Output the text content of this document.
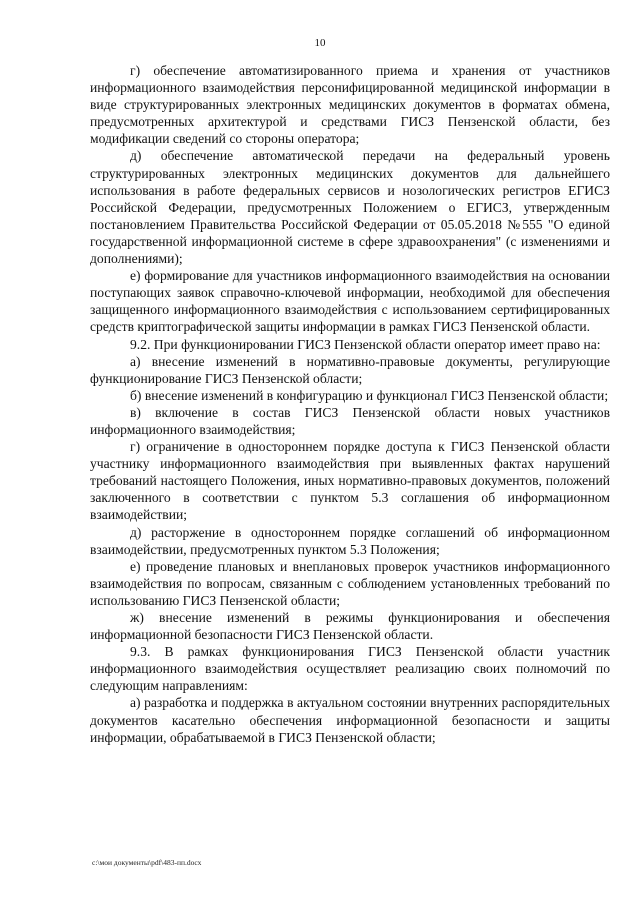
10

г) обеспечение автоматизированного приема и хранения от участников информационного взаимодействия персонифицированной медицинской информации в виде структурированных электронных медицинских документов в форматах обмена, предусмотренных архитектурой и средствами ГИСЗ Пензенской области, без модификации сведений со стороны оператора;

д) обеспечение автоматической передачи на федеральный уровень структурированных электронных медицинских документов для дальнейшего использования в работе федеральных сервисов и нозологических регистров ЕГИСЗ Российской Федерации, предусмотренных Положением о ЕГИСЗ, утвержденным постановлением Правительства Российской Федерации от 05.05.2018 №555 "О единой государственной информационной системе в сфере здравоохранения" (с изменениями и дополнениями);

е) формирование для участников информационного взаимодействия на основании поступающих заявок справочно-ключевой информации, необходимой для обеспечения защищенного информационного взаимодействия с использованием сертифицированных средств криптографической защиты информации в рамках ГИСЗ Пензенской области.

9.2. При функционировании ГИСЗ Пензенской области оператор имеет право на:

а) внесение изменений в нормативно-правовые документы, регулирующие функционирование ГИСЗ Пензенской области;

б) внесение изменений в конфигурацию и функционал ГИСЗ Пензенской области;

в) включение в состав ГИСЗ Пензенской области новых участников информационного взаимодействия;

г) ограничение в одностороннем порядке доступа к ГИСЗ Пензенской области участнику информационного взаимодействия при выявленных фактах нарушений требований настоящего Положения, иных нормативно-правовых документов, положений заключенного в соответствии с пунктом 5.3 соглашения об информационном взаимодействии;

д) расторжение в одностороннем порядке соглашений об информационном взаимодействии, предусмотренных пунктом 5.3 Положения;

е) проведение плановых и внеплановых проверок участников информационного взаимодействия по вопросам, связанным с соблюдением установленных требований по использованию ГИСЗ Пензенской области;

ж) внесение изменений в режимы функционирования и обеспечения информационной безопасности ГИСЗ Пензенской области.

9.3. В рамках функционирования ГИСЗ Пензенской области участник информационного взаимодействия осуществляет реализацию своих полномочий по следующим направлениям:

а) разработка и поддержка в актуальном состоянии внутренних распорядительных документов касательно обеспечения информационной безопасности и защиты информации, обрабатываемой в ГИСЗ Пензенской области;

c:\мои документы\pdf\483-пп.docx
